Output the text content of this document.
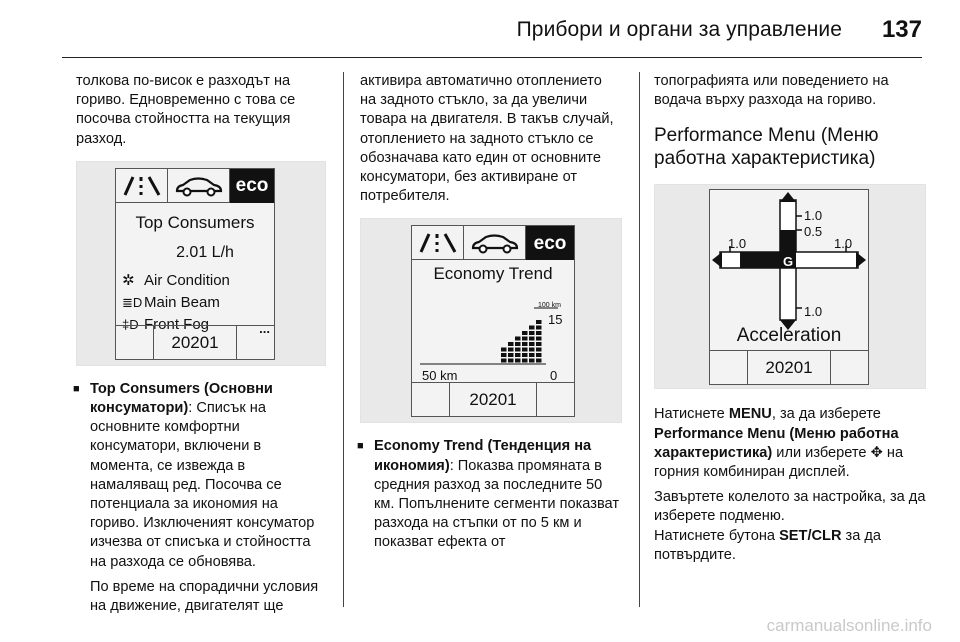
Прибори и органи за управление 137

толкова по-висок е разходът на гориво. Едновременно с това се посочва стойността на текущия разход.

eco
Top Consumers
2.01 L/h
✲ Air Condition
≣D Main Beam
‡D Front Fog	...
20201

■ Top Consumers (Основни консуматори): Списък на основните комфортни консуматори, включени в момента, се извежда в намаляващ ред. Посочва се потенциала за икономия на гориво. Изключеният консуматор изчезва от списъка и стойността на разхода се обновява.

По време на спорадични условия на движение, двигателят ще

активира автоматично отоплението на задното стъкло, за да увеличи товара на двигателя. В такъв случай, отоплението на задното стъкло се обозначава като един от основните консуматори, без активиране от потребителя.

eco
Economy Trend
100 km
15
50 km	0
20201

■ Economy Trend (Тенденция на икономия): Показва промяната в средния разход за последните 50 км. Попълнените сегменти показват разхода на стъпки от по 5 км и показват ефекта от

топографията или поведението на водача върху разхода на гориво.

Performance Menu (Меню работна характеристика)
1.0
0.5
1.0	1.0
1.0
G
Acceleration
20201

Натиснете MENU, за да изберете Performance Menu (Меню работна характеристика) или изберете ✥ на горния комбиниран дисплей.

Завъртете колелото за настройка, за да изберете подменю.

Натиснете бутона SET/CLR за да потвърдите.

carmanualsonline.info
